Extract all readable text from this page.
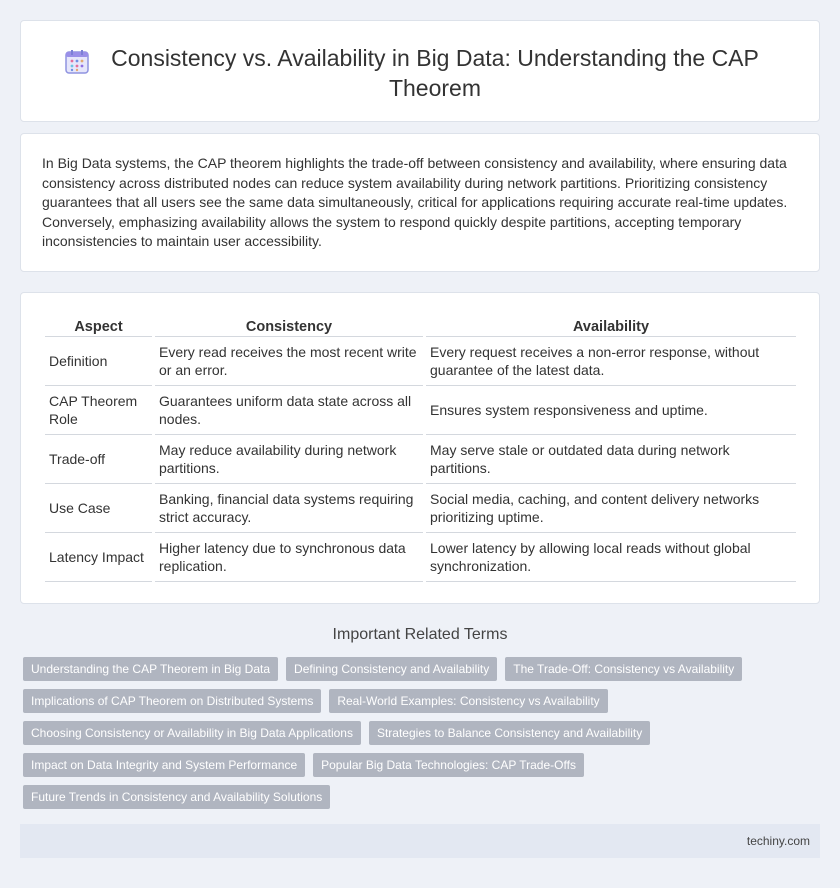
Consistency vs. Availability in Big Data: Understanding the CAP Theorem

In Big Data systems, the CAP theorem highlights the trade-off between consistency and availability, where ensuring data consistency across distributed nodes can reduce system availability during network partitions. Prioritizing consistency guarantees that all users see the same data simultaneously, critical for applications requiring accurate real-time updates. Conversely, emphasizing availability allows the system to respond quickly despite partitions, accepting temporary inconsistencies to maintain user accessibility.

Aspect	Consistency	Availability
Definition	Every read receives the most recent write or an error.	Every request receives a non-error response, without guarantee of the latest data.
CAP Theorem Role	Guarantees uniform data state across all nodes.	Ensures system responsiveness and uptime.
Trade-off	May reduce availability during network partitions.	May serve stale or outdated data during network partitions.
Use Case	Banking, financial data systems requiring strict accuracy.	Social media, caching, and content delivery networks prioritizing uptime.
Latency Impact	Higher latency due to synchronous data replication.	Lower latency by allowing local reads without global synchronization.
Important Related Terms
Understanding the CAP Theorem in Big Data	Defining Consistency and Availability	The Trade-Off: Consistency vs Availability
Implications of CAP Theorem on Distributed Systems	Real-World Examples: Consistency vs Availability
Choosing Consistency or Availability in Big Data Applications	Strategies to Balance Consistency and Availability
Impact on Data Integrity and System Performance	Popular Big Data Technologies: CAP Trade-Offs
Future Trends in Consistency and Availability Solutions
techiny.com
